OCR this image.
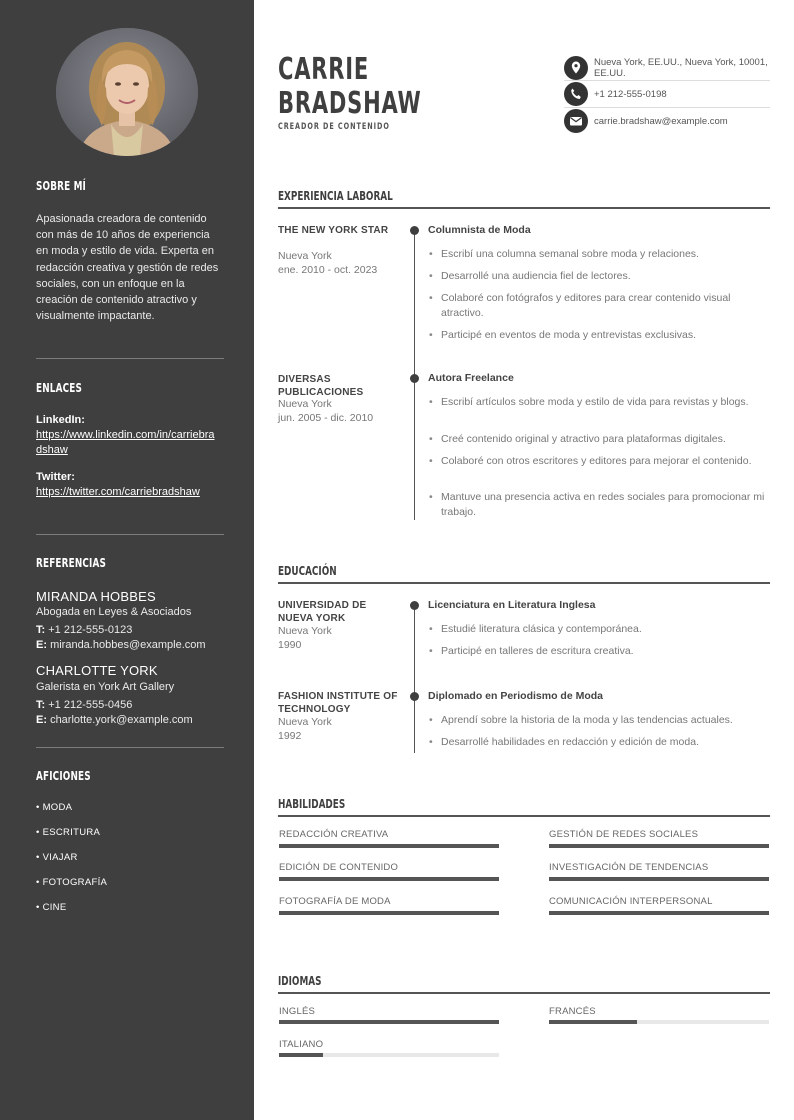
SOBRE MÍ
Apasionada creadora de contenido con más de 10 años de experiencia en moda y estilo de vida. Experta en redacción creativa y gestión de redes sociales, con un enfoque en la creación de contenido atractivo y visualmente impactante.
ENLACES
LinkedIn:
https://www.linkedin.com/in/carriebradshaw
Twitter:
https://twitter.com/carriebradshaw
REFERENCIAS
MIRANDA HOBBES
Abogada en Leyes & Asociados
T: +1 212-555-0123
E: miranda.hobbes@example.com
CHARLOTTE YORK
Galerista en York Art Gallery
T: +1 212-555-0456
E: charlotte.york@example.com
AFICIONES
• MODA
• ESCRITURA
• VIAJAR
• FOTOGRAFÍA
• CINE
CARRIE
BRADSHAW
CREADOR DE CONTENIDO
Nueva York, EE.UU., Nueva York, 10001, EE.UU.
+1 212-555-0198
carrie.bradshaw@example.com
EXPERIENCIA LABORAL
THE NEW YORK STAR
Nueva York
ene. 2010 - oct. 2023
Columnista de Moda
• Escribí una columna semanal sobre moda y relaciones.
• Desarrollé una audiencia fiel de lectores.
• Colaboré con fotógrafos y editores para crear contenido visual atractivo.
• Participé en eventos de moda y entrevistas exclusivas.
DIVERSAS PUBLICACIONES
Nueva York
jun. 2005 - dic. 2010
Autora Freelance
• Escribí artículos sobre moda y estilo de vida para revistas y blogs.
• Creé contenido original y atractivo para plataformas digitales.
• Colaboré con otros escritores y editores para mejorar el contenido.
• Mantuve una presencia activa en redes sociales para promocionar mi trabajo.
EDUCACIÓN
UNIVERSIDAD DE NUEVA YORK
Nueva York
1990
Licenciatura en Literatura Inglesa
• Estudié literatura clásica y contemporánea.
• Participé en talleres de escritura creativa.
FASHION INSTITUTE OF TECHNOLOGY
Nueva York
1992
Diplomado en Periodismo de Moda
• Aprendí sobre la historia de la moda y las tendencias actuales.
• Desarrollé habilidades en redacción y edición de moda.
HABILIDADES
REDACCIÓN CREATIVA	GESTIÓN DE REDES SOCIALES
EDICIÓN DE CONTENIDO	INVESTIGACIÓN DE TENDENCIAS
FOTOGRAFÍA DE MODA	COMUNICACIÓN INTERPERSONAL
IDIOMAS
INGLÉS	FRANCÉS
ITALIANO
